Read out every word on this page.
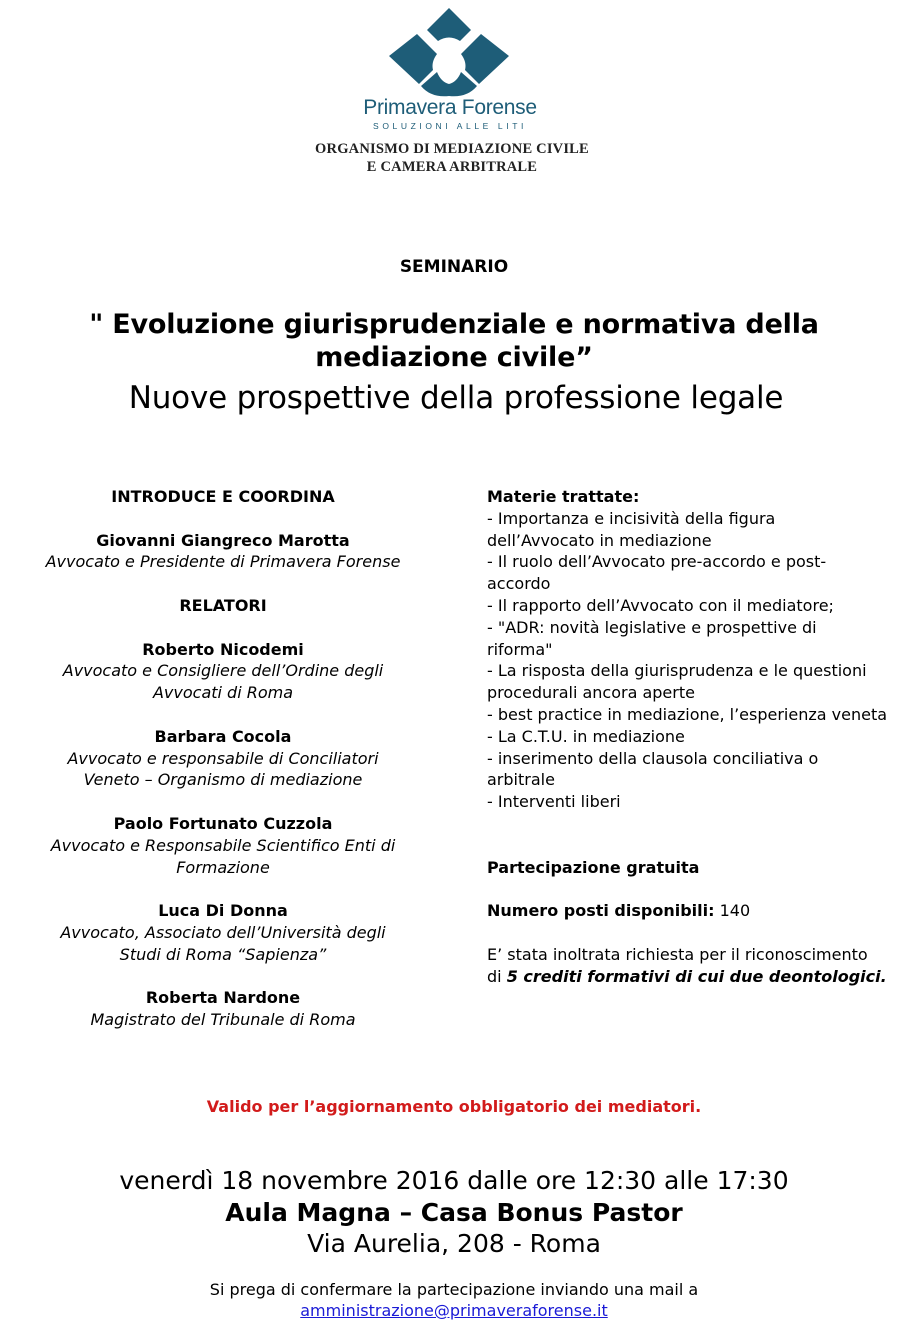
Primavera Forense
SOLUZIONI ALLE LITI
ORGANISMO DI MEDIAZIONE CIVILE
E CAMERA ARBITRALE
SEMINARIO
" Evoluzione giurisprudenziale e normativa della
mediazione civile”
Nuove prospettive della professione legale
INTRODUCE E COORDINA
Giovanni Giangreco Marotta
Avvocato e Presidente di Primavera Forense
RELATORI
Roberto Nicodemi
Avvocato e Consigliere dell’Ordine degli
Avvocati di Roma
Barbara Cocola
Avvocato e responsabile di Conciliatori
Veneto – Organismo di mediazione
Paolo Fortunato Cuzzola
Avvocato e Responsabile Scientifico Enti di
Formazione
Luca Di Donna
Avvocato, Associato dell’Università degli
Studi di Roma “Sapienza”
Roberta Nardone
Magistrato del Tribunale di Roma
Materie trattate:
- Importanza e incisività della figura dell’Avvocato in mediazione
- Il ruolo dell’Avvocato pre-accordo e post-accordo
- Il rapporto dell’Avvocato con il mediatore;
- "ADR: novità legislative e prospettive di riforma"
- La risposta della giurisprudenza e le questioni procedurali ancora aperte
- best practice in mediazione, l’esperienza veneta
- La C.T.U. in mediazione
- inserimento della clausola conciliativa o arbitrale
- Interventi liberi
Partecipazione gratuita
Numero posti disponibili: 140
E’ stata inoltrata richiesta per il riconoscimento di 5 crediti formativi di cui due deontologici.
Valido per l’aggiornamento obbligatorio dei mediatori.
venerdì 18 novembre 2016 dalle ore 12:30 alle 17:30
Aula Magna – Casa Bonus Pastor
Via Aurelia, 208 - Roma
Si prega di confermare la partecipazione inviando una mail a
amministrazione@primaveraforense.it
